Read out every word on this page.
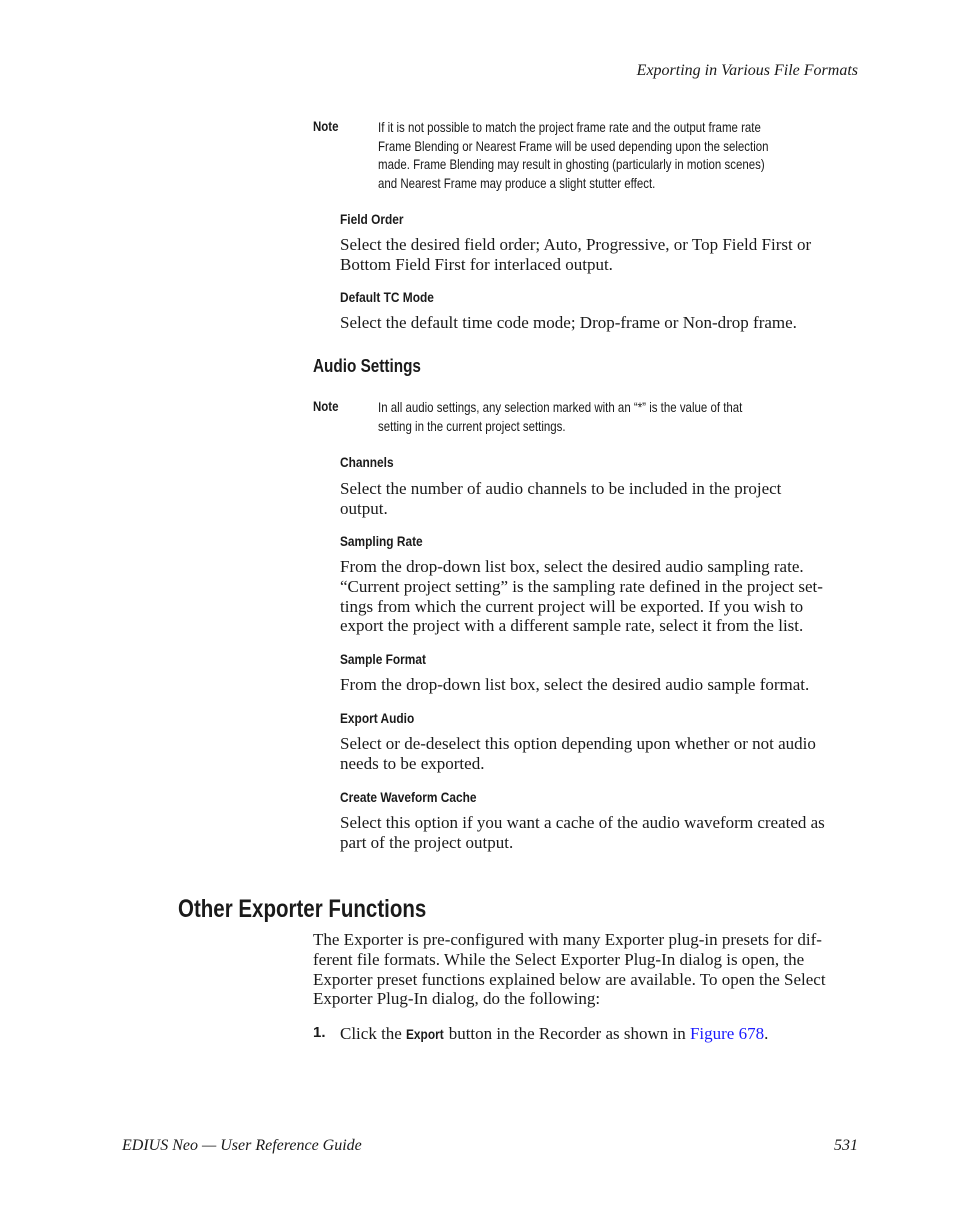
Exporting in Various File Formats
Note	If it is not possible to match the project frame rate and the output frame rate
Frame Blending or Nearest Frame will be used depending upon the selection
made. Frame Blending may result in ghosting (particularly in motion scenes)
and Nearest Frame may produce a slight stutter effect.
Field Order
Select the desired field order; Auto, Progressive, or Top Field First or
Bottom Field First for interlaced output.
Default TC Mode
Select the default time code mode; Drop-frame or Non-drop frame.
Audio Settings
Note	In all audio settings, any selection marked with an “*” is the value of that
setting in the current project settings.
Channels
Select the number of audio channels to be included in the project
output.
Sampling Rate
From the drop-down list box, select the desired audio sampling rate.
“Current project setting” is the sampling rate defined in the project set-
tings from which the current project will be exported. If you wish to
export the project with a different sample rate, select it from the list.
Sample Format
From the drop-down list box, select the desired audio sample format.
Export Audio
Select or de-deselect this option depending upon whether or not audio
needs to be exported.
Create Waveform Cache
Select this option if you want a cache of the audio waveform created as
part of the project output.
Other Exporter Functions
The Exporter is pre-configured with many Exporter plug-in presets for dif-
ferent file formats. While the Select Exporter Plug-In dialog is open, the
Exporter preset functions explained below are available. To open the Select
Exporter Plug-In dialog, do the following:
1. Click the Export button in the Recorder as shown in Figure 678.
EDIUS Neo — User Reference Guide	531
